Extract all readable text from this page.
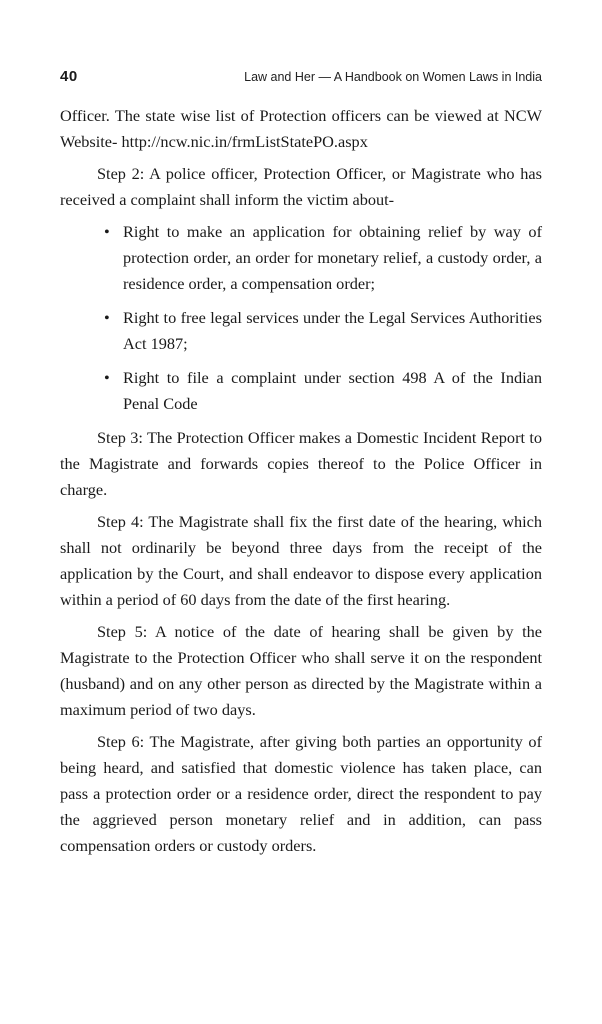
40	Law and Her — A Handbook on Women Laws in India

Officer. The state wise list of Protection officers can be viewed at NCW Website- http://ncw.nic.in/frmListStatePO.aspx

Step 2: A police officer, Protection Officer, or Magistrate who has received a complaint shall inform the victim about-

• Right to make an application for obtaining relief by way of protection order, an order for monetary relief, a custody order, a residence order, a compensation order;
• Right to free legal services under the Legal Services Authorities Act 1987;
• Right to file a complaint under section 498 A of the Indian Penal Code

Step 3: The Protection Officer makes a Domestic Incident Report to the Magistrate and forwards copies thereof to the Police Officer in charge.

Step 4: The Magistrate shall fix the first date of the hearing, which shall not ordinarily be beyond three days from the receipt of the application by the Court, and shall endeavor to dispose every application within a period of 60 days from the date of the first hearing.

Step 5: A notice of the date of hearing shall be given by the Magistrate to the Protection Officer who shall serve it on the respondent (husband) and on any other person as directed by the Magistrate within a maximum period of two days.

Step 6: The Magistrate, after giving both parties an opportunity of being heard, and satisfied that domestic violence has taken place, can pass a protection order or a residence order, direct the respondent to pay the aggrieved person monetary relief and in addition, can pass compensation orders or custody orders.
